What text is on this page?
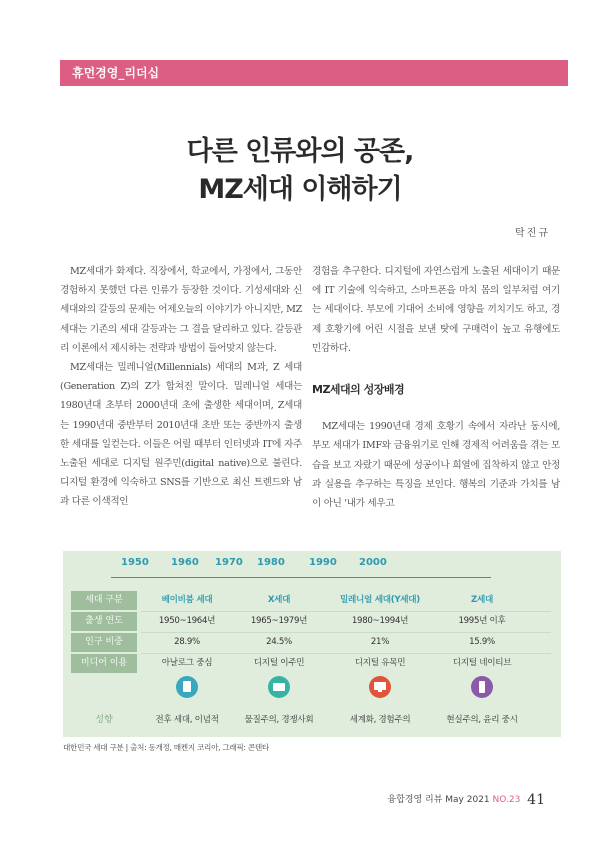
휴먼경영_리더십
다른 인류와의 공존,
MZ세대 이해하기
탁진규

MZ세대가 화제다. 직장에서, 학교에서, 가정에서, 그동안 경험하지 못했던 다른 인류가 등장한 것이다. 기성세대와 신세대와의 갈등의 문제는 어제오늘의 이야기가 아니지만, MZ세대는 기존의 세대 갈등과는 그 결을 달리하고 있다. 갈등관리 이론에서 제시하는 전략과 방법이 들어맞지 않는다.

MZ세대는 밀레니얼(Millennials) 세대의 M과, Z 세대(Generation Z)의 Z가 합쳐진 말이다. 밀레니얼 세대는 1980년대 초부터 2000년대 초에 출생한 세대이며, Z세대는 1990년대 중반부터 2010년대 초반 또는 중반까지 출생한 세대를 일컫는다. 이들은 어릴 때부터 인터넷과 IT에 자주 노출된 세대로 디지털 원주민(digital native)으로 불린다. 디지털 환경에 익숙하고 SNS를 기반으로 최신 트렌드와 남과 다른 이색적인

경험을 추구한다. 디지털에 자연스럽게 노출된 세대이기 때문에 IT 기술에 익숙하고, 스마트폰을 마치 몸의 일부처럼 여기는 세대이다. 부모에 기대어 소비에 영향을 끼치기도 하고, 경제 호황기에 어린 시절을 보낸 탓에 구매력이 높고 유행에도 민감하다.

MZ세대의 성장배경

MZ세대는 1990년대 경제 호황기 속에서 자라난 동시에, 부모 세대가 IMF와 금융위기로 인해 경제적 어려움을 겪는 모습을 보고 자랐기 때문에 성공이나 희열에 집착하지 않고 안정과 실용을 추구하는 특징을 보인다. 행복의 기준과 가치를 남이 아닌 '내가 세우고

1950 1960 1970 1980 1990 2000
세대 구분	베이비붐 세대	X세대	밀레니얼 세대(Y세대)	Z세대
출생 연도	1950~1964년	1965~1979년	1980~1994년	1995년 이후
인구 비중	28.9%	24.5%	21%	15.9%
미디어 이용	아날로그 중심	디지털 이주민	디지털 유목민	디지털 네이티브
성향	전후 세대, 이념적	물질주의, 경쟁사회	세계화, 경험주의	현실주의, 윤리 중시
대한민국 세대 구분 | 출처: 동개정, 매켄지 코리아, 그래픽: 콘텐타
융합경영 리뷰 May 2021 NO.23 41
